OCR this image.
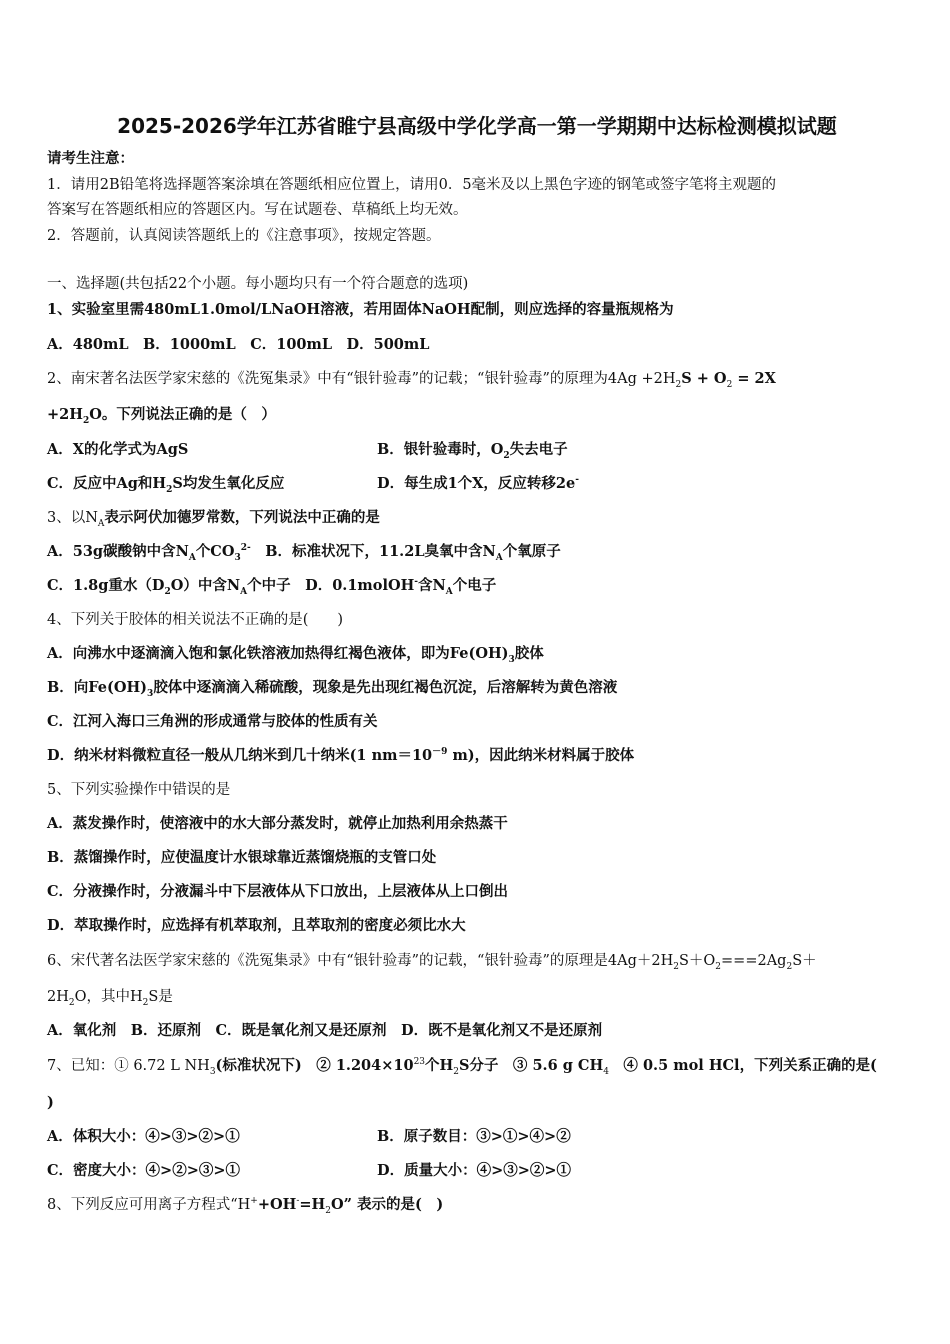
2025-2026学年江苏省睢宁县高级中学化学高一第一学期期中达标检测模拟试题
请考生注意：
1．请用2B铅笔将选择题答案涂填在答题纸相应位置上，请用0．5毫米及以上黑色字迹的钢笔或签字笔将主观题的
答案写在答题纸相应的答题区内。写在试题卷、草稿纸上均无效。
2．答题前，认真阅读答题纸上的《注意事项》，按规定答题。
一、选择题(共包括22个小题。每小题均只有一个符合题意的选项)
1、实验室里需480mL1.0mol/LNaOH溶液，若用固体NaOH配制，则应选择的容量瓶规格为
A．480mL　B．1000mL　C．100mL　D．500mL
2、南宋著名法医学家宋慈的《洗冤集录》中有“银针验毒”的记载；“银针验毒”的原理为$4Ag +2H_2S + O_2 = 2X$
$+2H_2O$。下列说法正确的是（　）
A．X的化学式为AgS	B．银针验毒时，$O_2$失去电子
C．反应中Ag和$H_2S$均发生氧化反应	D．每生成1个X，反应转移2e-
3、以$N_A$表示阿伏加德罗常数，下列说法中正确的是
A．53g碳酸钠中含$N_A$个$CO_3^{2-}$　B．标准状况下，11.2L臭氧中含$N_A$个氧原子
C．1.8g重水$(D_2O)$中含$N_A$个中子　D．0.1molOH-含$N_A$个电子
4、下列关于胶体的相关说法不正确的是(　　)
A．向沸水中逐滴滴入饱和氯化铁溶液加热得红褐色液体，即为$Fe(OH)_3$胶体
B．向$Fe(OH)_3$胶体中逐滴滴入稀硫酸，现象是先出现红褐色沉淀，后溶解转为黄色溶液
C．江河入海口三角洲的形成通常与胶体的性质有关
D．纳米材料微粒直径一般从几纳米到几十纳米(1 $nm=10^{-9}$ m)，因此纳米材料属于胶体
5、下列实验操作中错误的是
A．蒸发操作时，使溶液中的水大部分蒸发时，就停止加热利用余热蒸干
B．蒸馏操作时，应使温度计水银球靠近蒸馏烧瓶的支管口处
C．分液操作时，分液漏斗中下层液体从下口放出，上层液体从上口倒出
D．萃取操作时，应选择有机萃取剂，且萃取剂的密度必须比水大
6、宋代著名法医学家宋慈的《洗冤集录》中有“银针验毒”的记载，“银针验毒”的原理是$4Ag+2H_2S+O_2===2Ag_2S+$
$2H_2O$，其中$H_2S$是
A．氧化剂　B．还原剂　C．既是氧化剂又是还原剂　D．既不是氧化剂又不是还原剂
7、已知：① 6.72 L $NH_3$(标准状况下)　② $1.204\times 10^{23}$个$H_2S$分子　③ 5.6 g $CH_4$　④ 0.5 mol HCl，下列关系正确的是(
)
A．体积大小：④>③>②>①	B．原子数目：③>①>④>②
C．密度大小：④>②>③>①	D．质量大小：④>③>②>①
8、下列反应可用离子方程式“$H^++OH^-=H_2O$” 表示的是(　)
